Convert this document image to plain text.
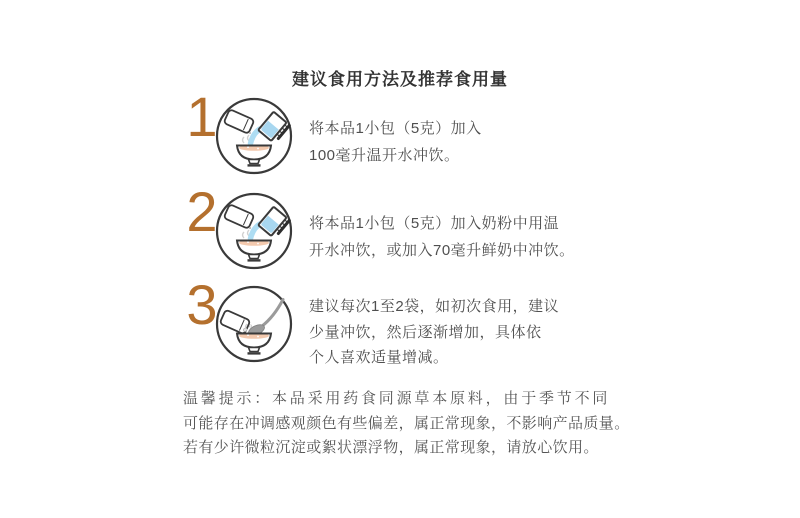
建议食用方法及推荐食用量
1	将本品1小包（5克）加入
100毫升温开水冲饮。
2	将本品1小包（5克）加入奶粉中用温
开水冲饮，或加入70毫升鲜奶中冲饮。
3	建议每次1至2袋，如初次食用，建议
少量冲饮，然后逐渐增加，具体依
个人喜欢适量增减。
温馨提示：本品采用药食同源草本原料，由于季节不同
可能存在冲调感观颜色有些偏差，属正常现象，不影响产品质量。
若有少许微粒沉淀或絮状漂浮物，属正常现象，请放心饮用。
